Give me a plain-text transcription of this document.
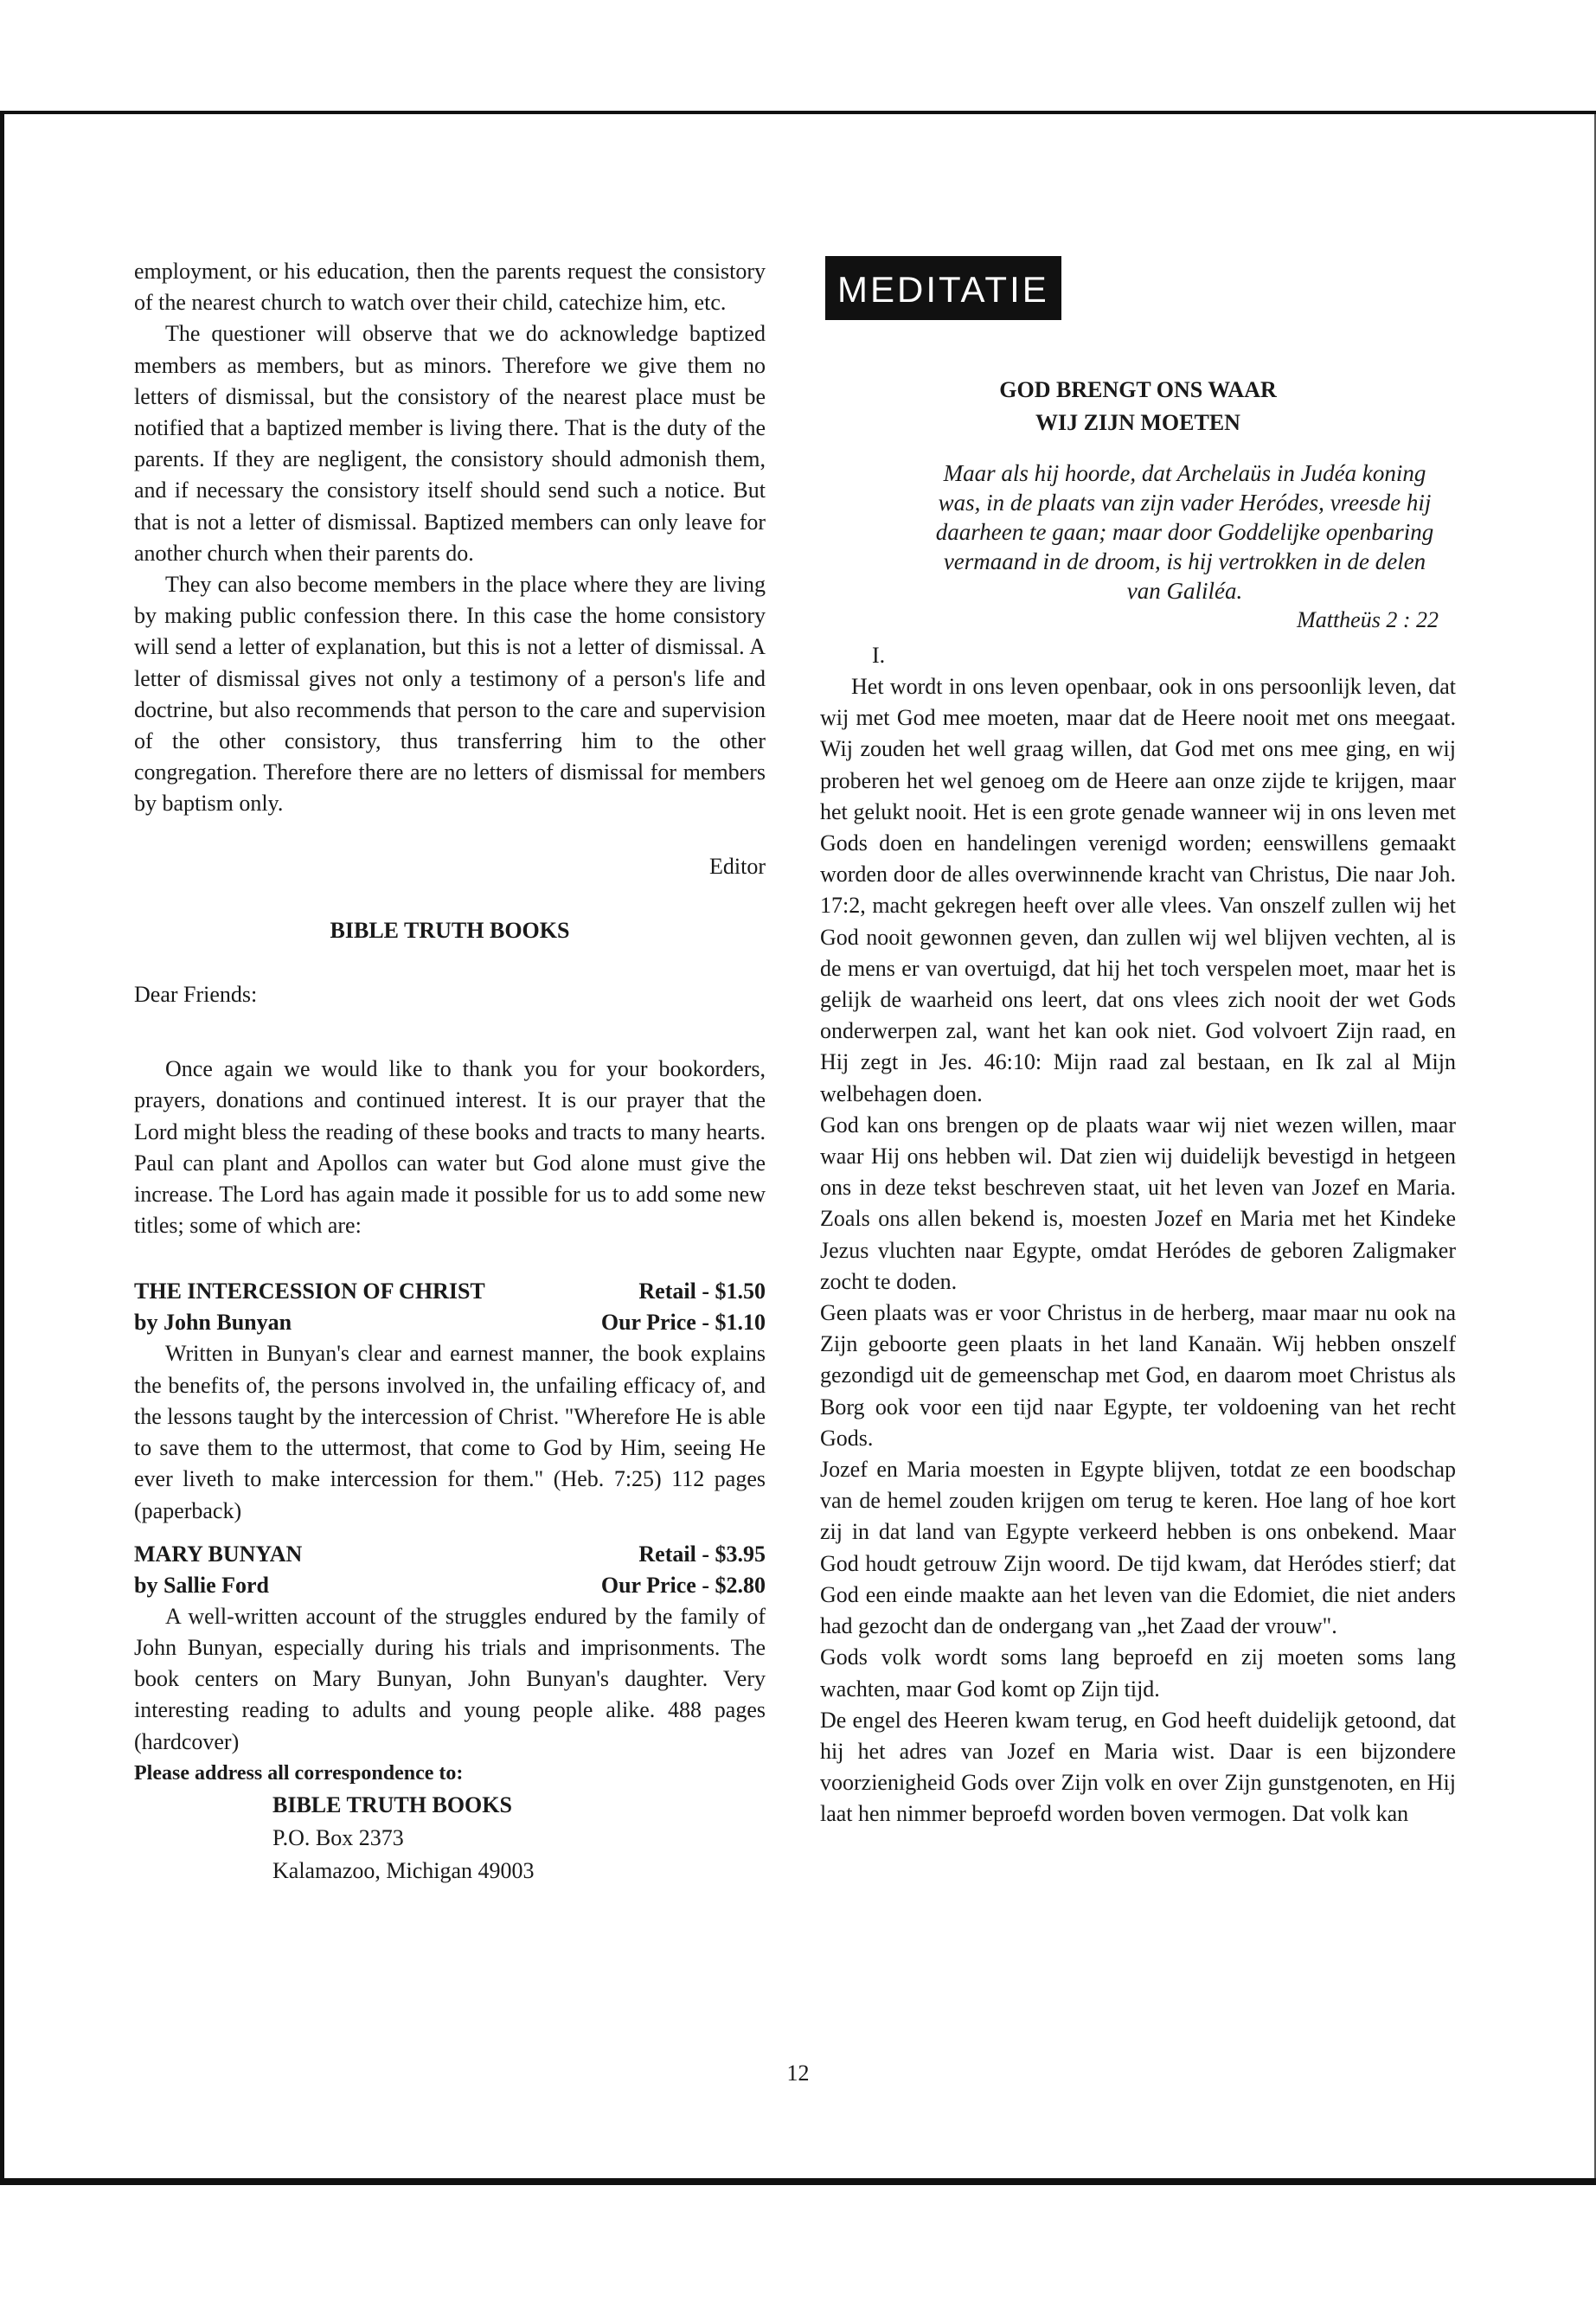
employment, or his education, then the parents request the consistory of the nearest church to watch over their child, catechize him, etc.

The questioner will observe that we do acknowledge baptized members as members, but as minors. Therefore we give them no letters of dismissal, but the consistory of the nearest place must be notified that a baptized member is living there. That is the duty of the parents. If they are negligent, the consistory should admonish them, and if necessary the consistory itself should send such a notice. But that is not a letter of dismissal. Baptized members can only leave for another church when their parents do.

They can also become members in the place where they are living by making public confession there. In this case the home consistory will send a letter of explanation, but this is not a letter of dismissal. A letter of dismissal gives not only a testimony of a person's life and doctrine, but also recommends that person to the care and supervision of the other consistory, thus transferring him to the other congregation. Therefore there are no letters of dismissal for members by baptism only.

Editor

BIBLE TRUTH BOOKS

Dear Friends:

Once again we would like to thank you for your bookorders, prayers, donations and continued interest. It is our prayer that the Lord might bless the reading of these books and tracts to many hearts. Paul can plant and Apollos can water but God alone must give the increase. The Lord has again made it possible for us to add some new titles; some of which are:

THE INTERCESSION OF CHRIST	Retail - $1.50
by John Bunyan	Our Price - $1.10

Written in Bunyan's clear and earnest manner, the book explains the benefits of, the persons involved in, the unfailing efficacy of, and the lessons taught by the intercession of Christ. "Wherefore He is able to save them to the uttermost, that come to God by Him, seeing He ever liveth to make intercession for them." (Heb. 7:25) 112 pages (paperback)

MARY BUNYAN	Retail - $3.95
by Sallie Ford	Our Price - $2.80

A well-written account of the struggles endured by the family of John Bunyan, especially during his trials and imprisonments. The book centers on Mary Bunyan, John Bunyan's daughter. Very interesting reading to adults and young people alike. 488 pages (hardcover)

Please address all correspondence to:
BIBLE TRUTH BOOKS
P.O. Box 2373
Kalamazoo, Michigan 49003
MEDITATIE
GOD BRENGT ONS WAAR
WIJ ZIJN MOETEN

Maar als hij hoorde, dat Archelaüs in Judéa koning was, in de plaats van zijn vader Heródes, vreesde hij daarheen te gaan; maar door Goddelijke openbaring vermaand in de droom, is hij vertrokken in de delen van Galiléa.

Mattheüs 2 : 22
I.

Het wordt in ons leven openbaar, ook in ons persoonlijk leven, dat wij met God mee moeten, maar dat de Heere nooit met ons meegaat. Wij zouden het well graag willen, dat God met ons mee ging, en wij proberen het wel genoeg om de Heere aan onze zijde te krijgen, maar het gelukt nooit. Het is een grote genade wanneer wij in ons leven met Gods doen en handelingen verenigd worden; eenswillens gemaakt worden door de alles overwinnende kracht van Christus, Die naar Joh. 17:2, macht gekregen heeft over alle vlees. Van onszelf zullen wij het God nooit gewonnen geven, dan zullen wij wel blijven vechten, al is de mens er van overtuigd, dat hij het toch verspelen moet, maar het is gelijk de waarheid ons leert, dat ons vlees zich nooit der wet Gods onderwerpen zal, want het kan ook niet. God volvoert Zijn raad, en Hij zegt in Jes. 46:10: Mijn raad zal bestaan, en Ik zal al Mijn welbehagen doen.

God kan ons brengen op de plaats waar wij niet wezen willen, maar waar Hij ons hebben wil. Dat zien wij duidelijk bevestigd in hetgeen ons in deze tekst beschreven staat, uit het leven van Jozef en Maria. Zoals ons allen bekend is, moesten Jozef en Maria met het Kindeke Jezus vluchten naar Egypte, omdat Heródes de geboren Zaligmaker zocht te doden.

Geen plaats was er voor Christus in de herberg, maar maar nu ook na Zijn geboorte geen plaats in het land Kanaän. Wij hebben onszelf gezondigd uit de gemeenschap met God, en daarom moet Christus als Borg ook voor een tijd naar Egypte, ter voldoening van het recht Gods.

Jozef en Maria moesten in Egypte blijven, totdat ze een boodschap van de hemel zouden krijgen om terug te keren. Hoe lang of hoe kort zij in dat land van Egypte verkeerd hebben is ons onbekend. Maar God houdt getrouw Zijn woord. De tijd kwam, dat Heródes stierf; dat God een einde maakte aan het leven van die Edomiet, die niet anders had gezocht dan de ondergang van „het Zaad der vrouw".

Gods volk wordt soms lang beproefd en zij moeten soms lang wachten, maar God komt op Zijn tijd.

De engel des Heeren kwam terug, en God heeft duidelijk getoond, dat hij het adres van Jozef en Maria wist. Daar is een bijzondere voorzienigheid Gods over Zijn volk en over Zijn gunstgenoten, en Hij laat hen nimmer beproefd worden boven vermogen. Dat volk kan

12
